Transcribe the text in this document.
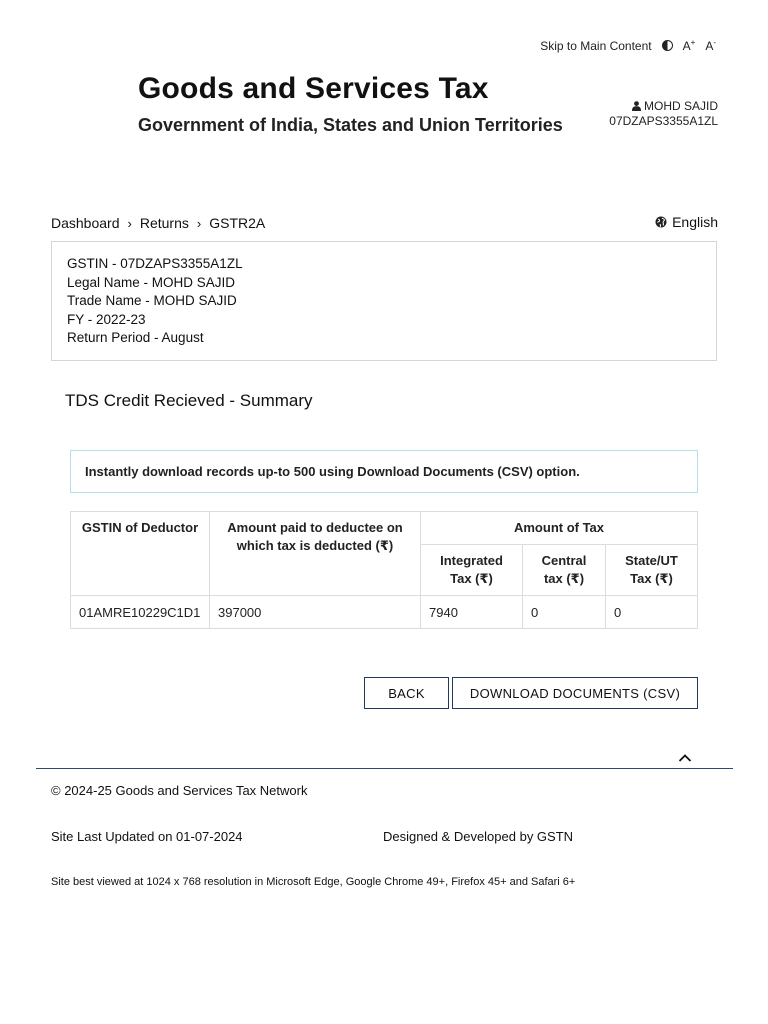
Skip to Main Content	A+ A-
Goods and Services Tax
Government of India, States and Union Territories
MOHD SAJID
07DZAPS3355A1ZL
Dashboard › Returns › GSTR2A	English
GSTIN - 07DZAPS3355A1ZL
Legal Name - MOHD SAJID
Trade Name - MOHD SAJID
FY - 2022-23
Return Period - August
TDS Credit Recieved - Summary
Instantly download records up-to 500 using Download Documents (CSV) option.
GSTIN of Deductor	Amount paid to deductee on which tax is deducted (₹)	Amount of Tax		
		Integrated Tax (₹)	Central tax (₹)	State/UT Tax (₹)
01AMRE10229C1D1	397000	7940	0	0
BACK	DOWNLOAD DOCUMENTS (CSV)
© 2024-25 Goods and Services Tax Network
Site Last Updated on 01-07-2024	Designed & Developed by GSTN
Site best viewed at 1024 x 768 resolution in Microsoft Edge, Google Chrome 49+, Firefox 45+ and Safari 6+
